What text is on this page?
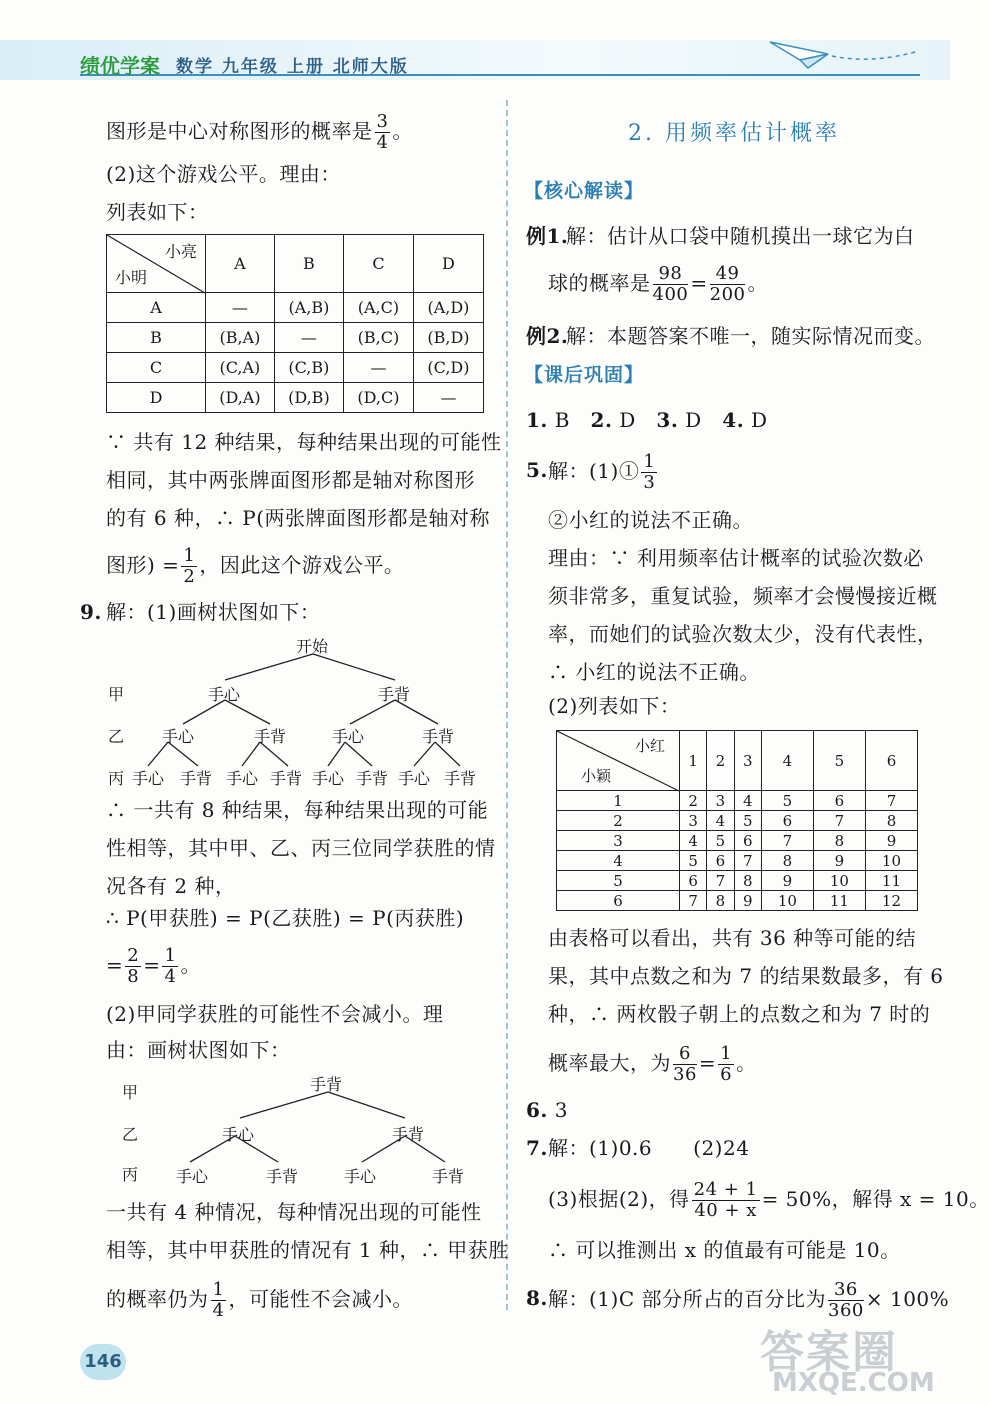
绩优学案 数学 九年级 上册 北师大版
图形是中心对称图形的概率是 $\frac{3}{4}$ 。
(2)这个游戏公平。理由：
列表如下：
小亮
小明	A	B	C	D
A	—	(A,B)	(A,C)	(A,D)
B	(B,A)	—	(B,C)	(B,D)
C	(C,A)	(C,B)	—	(C,D)
D	(D,A)	(D,B)	(D,C)	—
∵ 共有 12 种结果，每种结果出现的可能性
相同，其中两张牌面图形都是轴对称图形
的有 6 种，∴ P(两张牌面图形都是轴对称
图形) = $\frac{1}{2}$ ，因此这个游戏公平。
9. 解：(1)画树状图如下：
开始
甲
乙
丙
手心	手背
手心	手背	手心	手背
手心 手背 手心 手背 手心 手背 手心 手背
∴ 一共有 8 种结果，每种结果出现的可能
性相等，其中甲、乙、丙三位同学获胜的情
况各有 2 种，
∴ P(甲获胜) = P(乙获胜) = P(丙获胜)
= $\frac{2}{8} = \frac{1}{4}$ 。
(2)甲同学获胜的可能性不会减小。理
由：画树状图如下：
甲
乙
丙
手背
手心	手背
手心	手背	手心	手背
一共有 4 种情况，每种情况出现的可能性
相等，其中甲获胜的情况有 1 种，∴ 甲获胜
的概率仍为 $\frac{1}{4}$ ，可能性不会减小。
2. 用频率估计概率
【核心解读】
例1.
解：估计从口袋中随机摸出一球它为白
球的概率是 $\frac{98}{400} = \frac{49}{200}$ 。
例2.
解：本题答案不唯一，随实际情况而变。
【课后巩固】
1. B 2. D 3. D 4. D
5. 解：(1)① $\frac{1}{3}$
②小红的说法不正确。
理由：∵ 利用频率估计概率的试验次数必
须非常多，重复试验，频率才会慢慢接近概
率，而她们的试验次数太少，没有代表性，
∴ 小红的说法不正确。
(2)列表如下：
小红
小颖	1	2	3	4	5	6
1	2	3	4	5	6	7
2	3	4	5	6	7	8
3	4	5	6	7	8	9
4	5	6	7	8	9	10
5	6	7	8	9	10	11
6	7	8	9	10	11	12
由表格可以看出，共有 36 种等可能的结
果，其中点数之和为 7 的结果数最多，有 6
种，∴ 两枚骰子朝上的点数之和为 7 时的
概率最大，为 $\frac{6}{36} = \frac{1}{6}$ 。
6. 3
7. 解：(1)0.6　　(2)24
(3)根据(2)，得 $\frac{24 + 1}{40 + x} = 50\%$，解得 x = 10。
∴ 可以推测出 x 的值最有可能是 10。
8. 解：(1)C 部分所占的百分比为 $\frac{36}{360} \times 100\%$
146	答案圈
MXQE.COM
